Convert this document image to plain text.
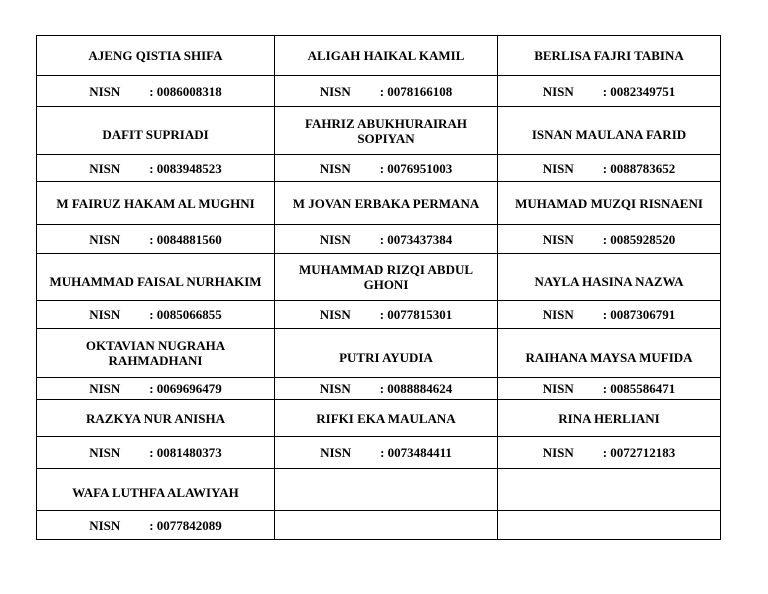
AJENG QISTIA SHIFA	ALIGAH HAIKAL KAMIL	BERLISA FAJRI TABINA
NISN : 0086008318	NISN : 0078166108	NISN : 0082349751
DAFIT SUPRIADI	FAHRIZ ABUKHURAIRAH SOPIYAN	ISNAN MAULANA FARID
NISN : 0083948523	NISN : 0076951003	NISN : 0088783652
M FAIRUZ HAKAM AL MUGHNI	M JOVAN ERBAKA PERMANA	MUHAMAD MUZQI RISNAENI
NISN : 0084881560	NISN : 0073437384	NISN : 0085928520
MUHAMMAD FAISAL NURHAKIM	MUHAMMAD RIZQI ABDUL GHONI	NAYLA HASINA NAZWA
NISN : 0085066855	NISN : 0077815301	NISN : 0087306791
OKTAVIAN NUGRAHA RAHMADHANI	PUTRI AYUDIA	RAIHANA MAYSA MUFIDA
NISN : 0069696479	NISN : 0088884624	NISN : 0085586471
RAZKYA NUR ANISHA	RIFKI EKA MAULANA	RINA HERLIANI
NISN : 0081480373	NISN : 0073484411	NISN : 0072712183
WAFA LUTHFA ALAWIYAH		
NISN : 0077842089		
